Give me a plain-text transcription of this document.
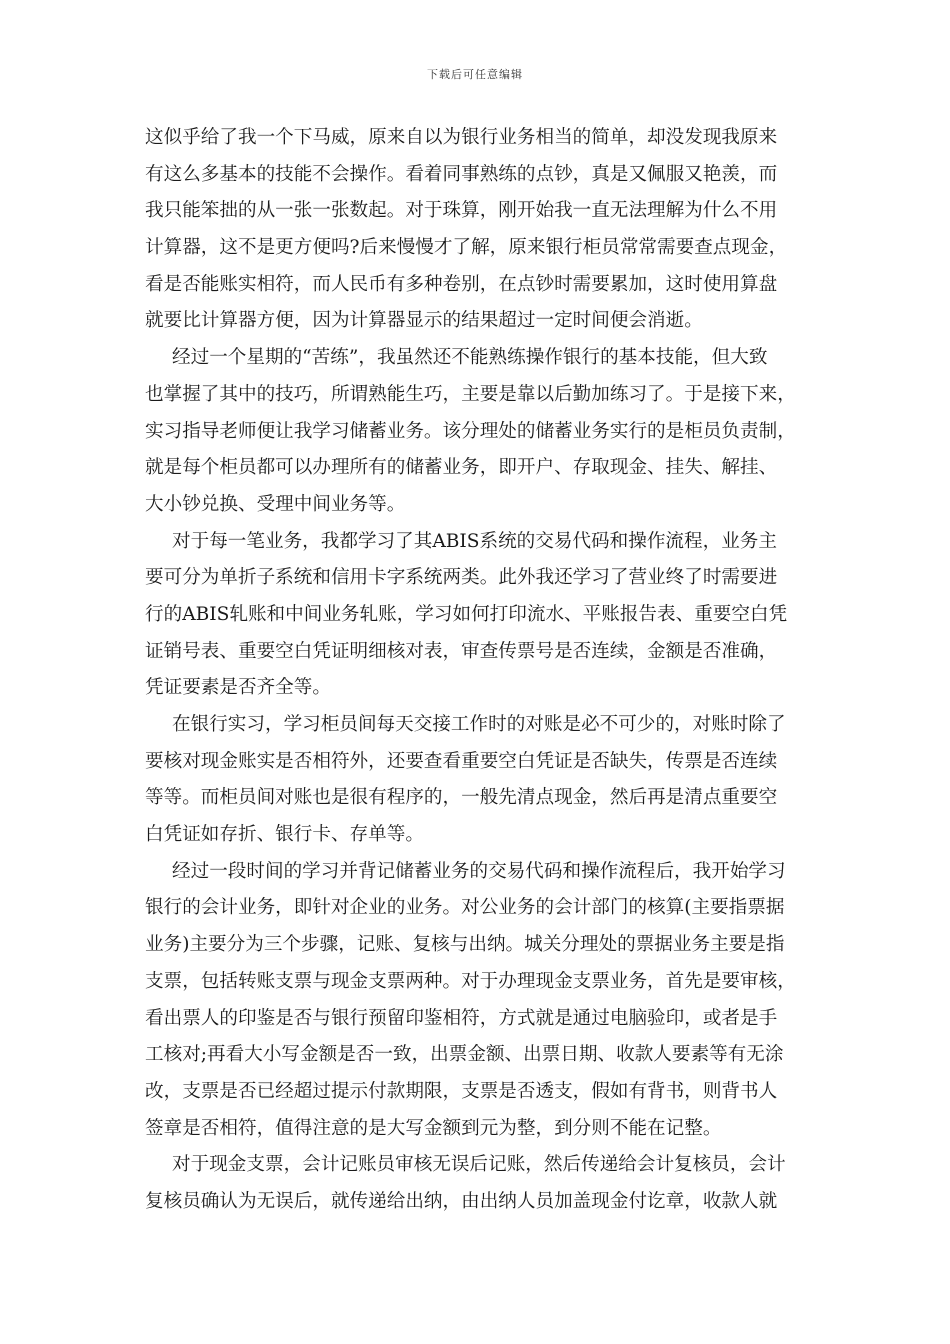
下载后可任意编辑
这似乎给了我一个下马威，原来自以为银行业务相当的简单，却没发现我原来
有这么多基本的技能不会操作。看着同事熟练的点钞，真是又佩服又艳羡，而
我只能笨拙的从一张一张数起。对于珠算，刚开始我一直无法理解为什么不用
计算器，这不是更方便吗?后来慢慢才了解，原来银行柜员常常需要查点现金，
看是否能账实相符，而人民币有多种卷别，在点钞时需要累加，这时使用算盘
就要比计算器方便，因为计算器显示的结果超过一定时间便会消逝。
经过一个星期的“苦练”，我虽然还不能熟练操作银行的基本技能，但大致
也掌握了其中的技巧，所谓熟能生巧，主要是靠以后勤加练习了。于是接下来，
实习指导老师便让我学习储蓄业务。该分理处的储蓄业务实行的是柜员负责制，
就是每个柜员都可以办理所有的储蓄业务，即开户、存取现金、挂失、解挂、
大小钞兑换、受理中间业务等。
对于每一笔业务，我都学习了其ABIS系统的交易代码和操作流程，业务主
要可分为单折子系统和信用卡字系统两类。此外我还学习了营业终了时需要进
行的ABIS轧账和中间业务轧账，学习如何打印流水、平账报告表、重要空白凭
证销号表、重要空白凭证明细核对表，审查传票号是否连续，金额是否准确，
凭证要素是否齐全等。
在银行实习，学习柜员间每天交接工作时的对账是必不可少的，对账时除了
要核对现金账实是否相符外，还要查看重要空白凭证是否缺失，传票是否连续
等等。而柜员间对账也是很有程序的，一般先清点现金，然后再是清点重要空
白凭证如存折、银行卡、存单等。
经过一段时间的学习并背记储蓄业务的交易代码和操作流程后，我开始学习
银行的会计业务，即针对企业的业务。对公业务的会计部门的核算(主要指票据
业务)主要分为三个步骤，记账、复核与出纳。城关分理处的票据业务主要是指
支票，包括转账支票与现金支票两种。对于办理现金支票业务，首先是要审核，
看出票人的印鉴是否与银行预留印鉴相符，方式就是通过电脑验印，或者是手
工核对;再看大小写金额是否一致，出票金额、出票日期、收款人要素等有无涂
改，支票是否已经超过提示付款期限，支票是否透支，假如有背书，则背书人
签章是否相符，值得注意的是大写金额到元为整，到分则不能在记整。
对于现金支票，会计记账员审核无误后记账，然后传递给会计复核员，会计
复核员确认为无误后，就传递给出纳，由出纳人员加盖现金付讫章，收款人就
